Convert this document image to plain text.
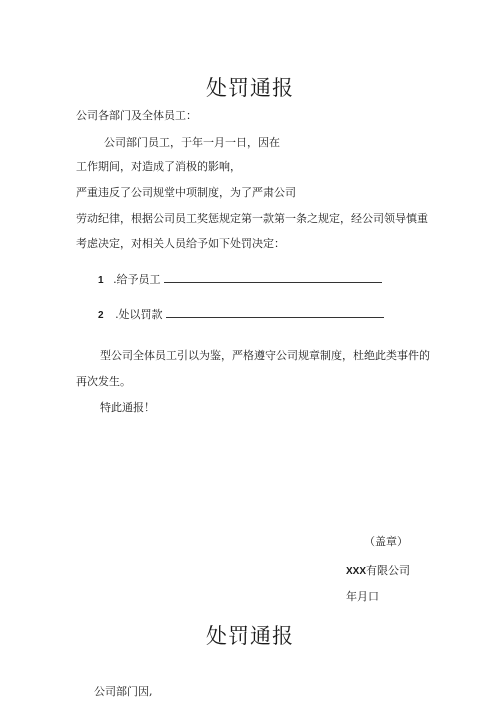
处罚通报
公司各部门及全体员工：
公司部门员工，于年一月一日，因在
工作期间，对造成了消极的影响，
严重违反了公司规堂中项制度，为了严肃公司
劳动纪律，根据公司员工奖惩规定第一款第一条之规定，经公司领导慎重
考虑决定，对相关人员给予如下处罚决定：
1 .给予员工
2 .处以罚款
型公司全体员工引以为鉴，严格遵守公司规章制度，杜绝此类事件的
再次发生。
特此通报！
（盖章）
XXX有限公司
年月口
处罚通报
公司部门因,
